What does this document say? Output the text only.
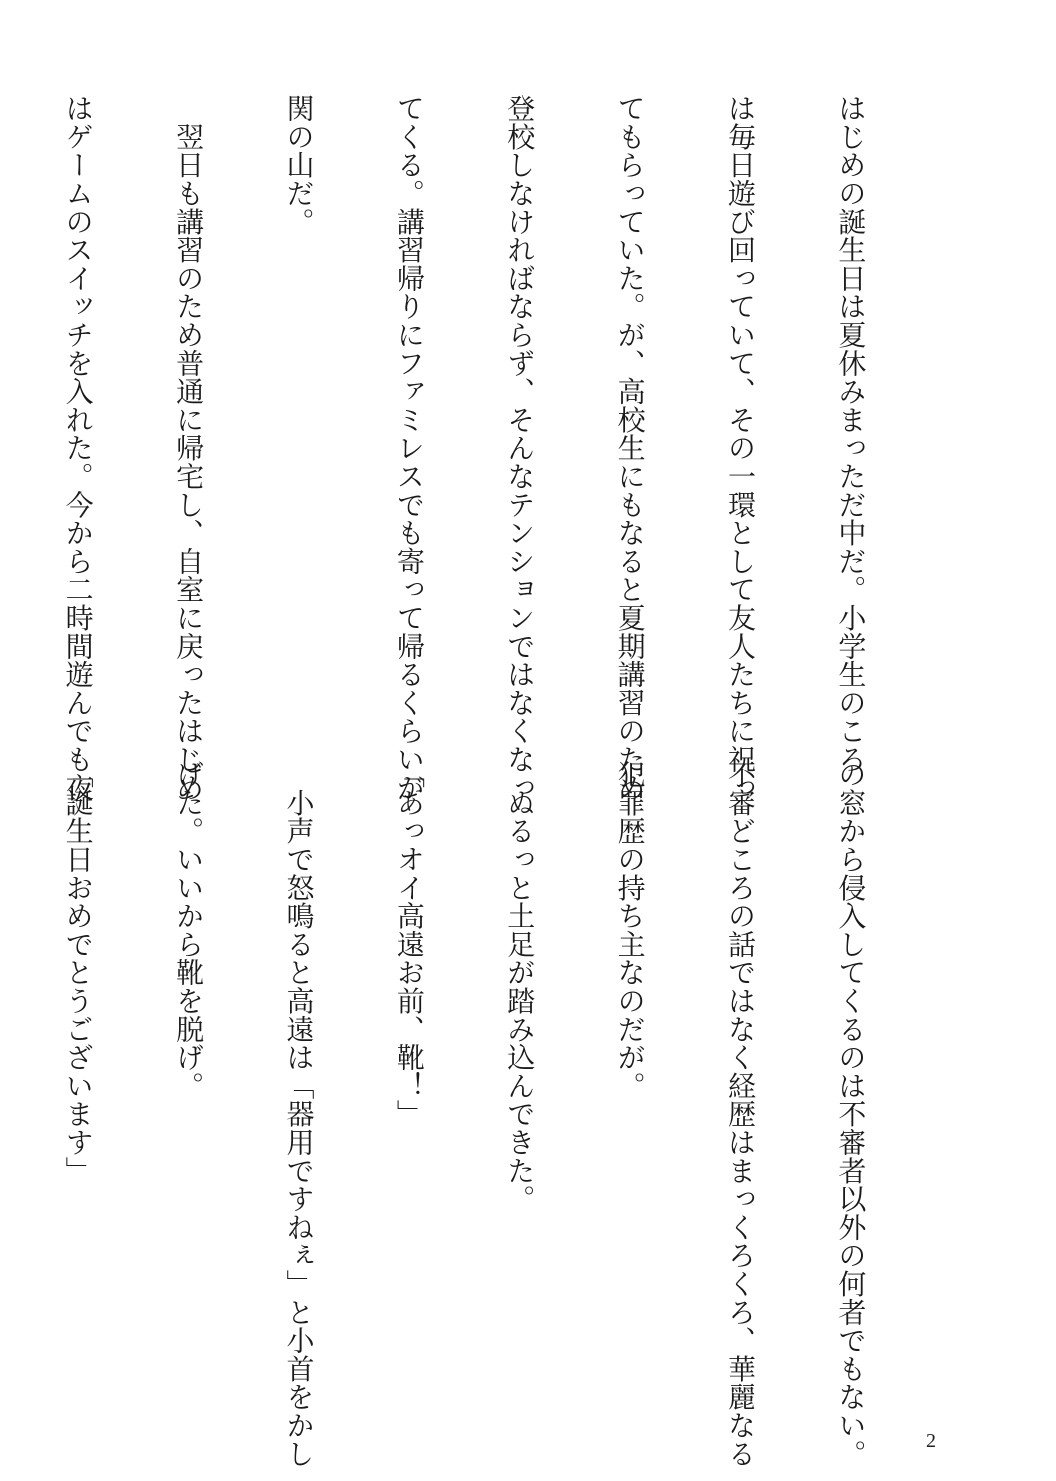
はじめの誕生日は夏休みまっただ中だ。小学生のころ

は毎日遊び回っていて、その一環として友人たちに祝っ

てもらっていた。が、高校生にもなると夏期講習のため

登校しなければならず、そんなテンションではなくなっ

てくる。講習帰りにファミレスでも寄って帰るくらいが

関の山だ。

　翌日も講習のため普通に帰宅し、自室に戻ったはじめ

はゲームのスイッチを入れた。今から二時間遊んでも夜

の窓から侵入してくるのは不審者以外の何者でもない。

不審どころの話ではなく経歴はまっくろくろ、華麗なる

犯罪歴の持ち主なのだが。

　ぬるっと土足が踏み込んできた。

「あっオイ高遠お前、靴！」

　小声で怒鳴ると高遠は「器用ですねぇ」と小首をかし

げた。いいから靴を脱げ。

「誕生日おめでとうございます」

2
